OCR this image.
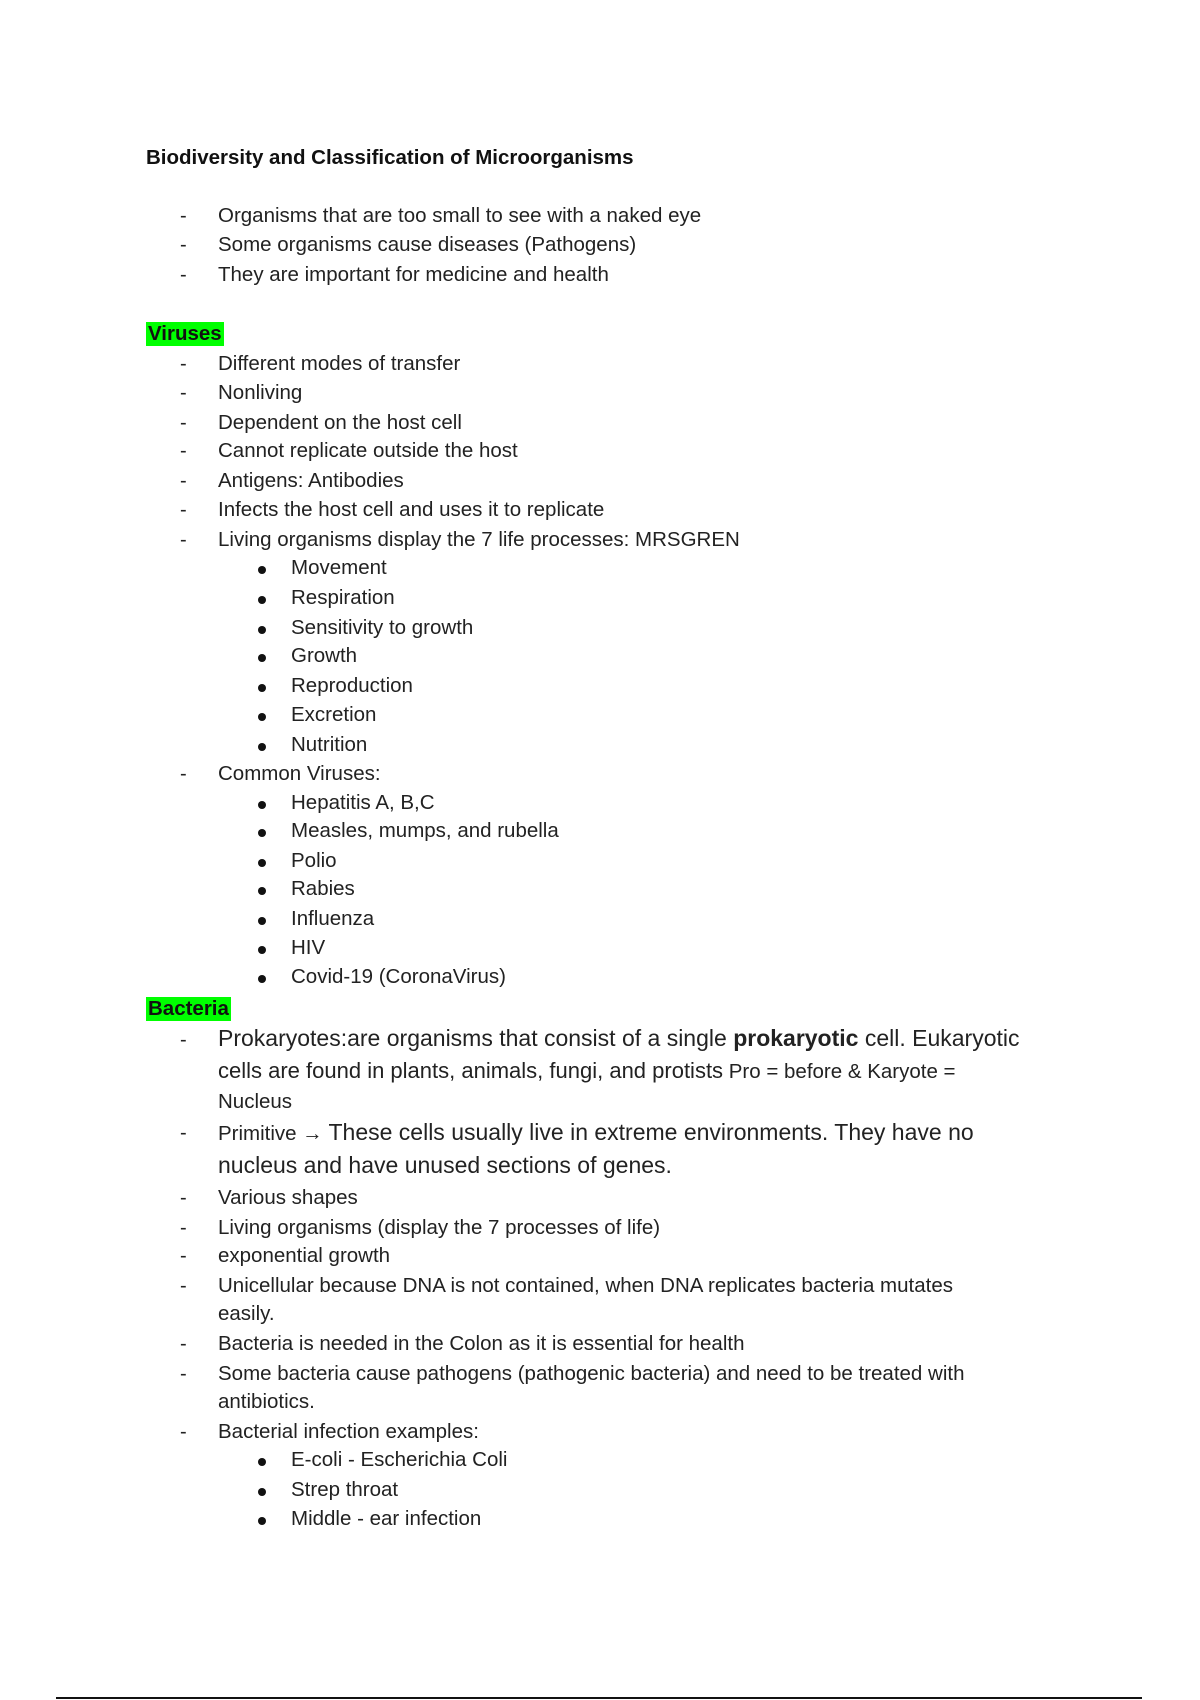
Biodiversity and Classification of Microorganisms
- Organisms that are too small to see with a naked eye
- Some organisms cause diseases (Pathogens)
- They are important for medicine and health
Viruses
- Different modes of transfer
- Nonliving
- Dependent on the host cell
- Cannot replicate outside the host
- Antigens: Antibodies
- Infects the host cell and uses it to replicate
- Living organisms display the 7 life processes: MRSGREN
Movement
Respiration
Sensitivity to growth
Growth
Reproduction
Excretion
Nutrition
- Common Viruses:
Hepatitis A, B,C
Measles, mumps, and rubella
Polio
Rabies
Influenza
HIV
Covid-19 (CoronaVirus)
Bacteria
- Prokaryotes:are organisms that consist of a single prokaryotic cell. Eukaryotic
cells are found in plants, animals, fungi, and protists Pro = before & Karyote =
Nucleus
- Primitive → These cells usually live in extreme environments. They have no
nucleus and have unused sections of genes.
- Various shapes
- Living organisms (display the 7 processes of life)
- exponential growth
- Unicellular because DNA is not contained, when DNA replicates bacteria mutates
easily.
- Bacteria is needed in the Colon as it is essential for health
- Some bacteria cause pathogens (pathogenic bacteria) and need to be treated with
antibiotics.
- Bacterial infection examples:
E-coli - Escherichia Coli
Strep throat
Middle - ear infection
